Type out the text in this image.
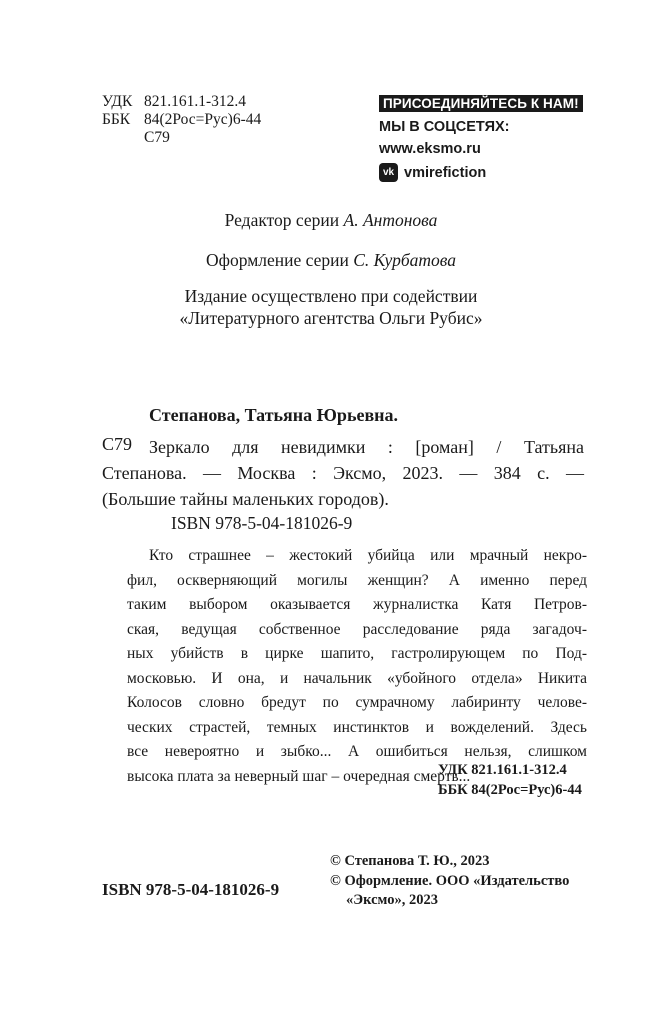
УДК 821.161.1-312.4
ББК 84(2Рос=Рус)6-44
С79
ПРИСОЕДИНЯЙТЕСЬ К НАМ!
МЫ В СОЦСЕТЯХ:
www.eksmo.ru
vk vmirefiction
Редактор серии А. Антонова
Оформление серии С. Курбатова
Издание осуществлено при содействии
«Литературного агентства Ольги Рубис»
Степанова, Татьяна Юрьевна.
С79 Зеркало для невидимки : [роман] / Татьяна
Степанова. — Москва : Эксмо, 2023. — 384 с. —
(Большие тайны маленьких городов).
ISBN 978-5-04-181026-9
Кто страшнее – жестокий убийца или мрачный некро-
фил, оскверняющий могилы женщин? А именно перед
таким выбором оказывается журналистка Катя Петров-
ская, ведущая собственное расследование ряда загадоч-
ных убийств в цирке шапито, гастролирующем по Под-
московью. И она, и начальник «убойного отдела» Никита
Колосов словно бредут по сумрачному лабиринту челове-
ческих страстей, темных инстинктов и вожделений. Здесь
все невероятно и зыбко... А ошибиться нельзя, слишком
высока плата за неверный шаг – очередная смерть...
УДК 821.161.1-312.4
ББК 84(2Рос=Рус)6-44
ISBN 978-5-04-181026-9
© Степанова Т. Ю., 2023
© Оформление. ООО «Издательство
«Эксмо», 2023
